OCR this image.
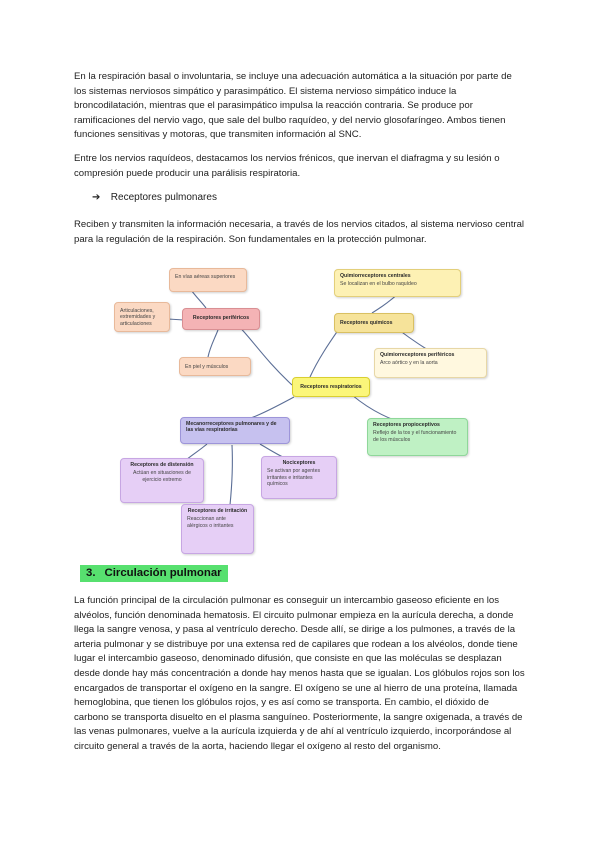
En la respiración basal o involuntaria, se incluye una adecuación automática a la situación por parte de los sistemas nerviosos simpático y parasimpático. El sistema nervioso simpático induce la broncodilatación, mientras que el parasimpático impulsa la reacción contraria. Se produce por ramificaciones del nervio vago, que sale del bulbo raquídeo, y del nervio glosofaríngeo. Ambos tienen funciones sensitivas y motoras, que transmiten información al SNC.

Entre los nervios raquídeos, destacamos los nervios frénicos, que inervan el diafragma y su lesión o compresión puede producir una parálisis respiratoria.

➔ Receptores pulmonares

Reciben y transmiten la información necesaria, a través de los nervios citados, al sistema nervioso central para la regulación de la respiración. Son fundamentales en la protección pulmonar.

En vías aéreas superiores
Articulaciones, extremidades y articulaciones
Receptores periféricos
En piel y músculos
Quimiorreceptores centrales
Se localizan en el bulbo raquídeo
Receptores químicos
Quimiorreceptores periféricos
Arco aórtico y en la aorta
Receptores respiratorios
Receptores propioceptivos
Reflejo de la tos y el funcionamiento de los músculos
Mecanorreceptores pulmonares y de las vías respiratorias
Receptores de distensión
Actúan en situaciones de ejercicio extremo
Nociceptores
Se activan por agentes irritantes e irritantes químicos
Receptores de irritación
Reaccionan ante alérgicos o irritantes
3. Circulación pulmonar

La función principal de la circulación pulmonar es conseguir un intercambio gaseoso eficiente en los alvéolos, función denominada hematosis. El circuito pulmonar empieza en la aurícula derecha, a donde llega la sangre venosa, y pasa al ventrículo derecho. Desde allí, se dirige a los pulmones, a través de la arteria pulmonar y se distribuye por una extensa red de capilares que rodean a los alvéolos, donde tiene lugar el intercambio gaseoso, denominado difusión, que consiste en que las moléculas se desplazan desde donde hay más concentración a donde hay menos hasta que se igualan. Los glóbulos rojos son los encargados de transportar el oxígeno en la sangre. El oxígeno se une al hierro de una proteína, llamada hemoglobina, que tienen los glóbulos rojos, y es así como se transporta. En cambio, el dióxido de carbono se transporta disuelto en el plasma sanguíneo. Posteriormente, la sangre oxigenada, a través de las venas pulmonares, vuelve a la aurícula izquierda y de ahí al ventrículo izquierdo, incorporándose al circuito general a través de la aorta, haciendo llegar el oxígeno al resto del organismo.
